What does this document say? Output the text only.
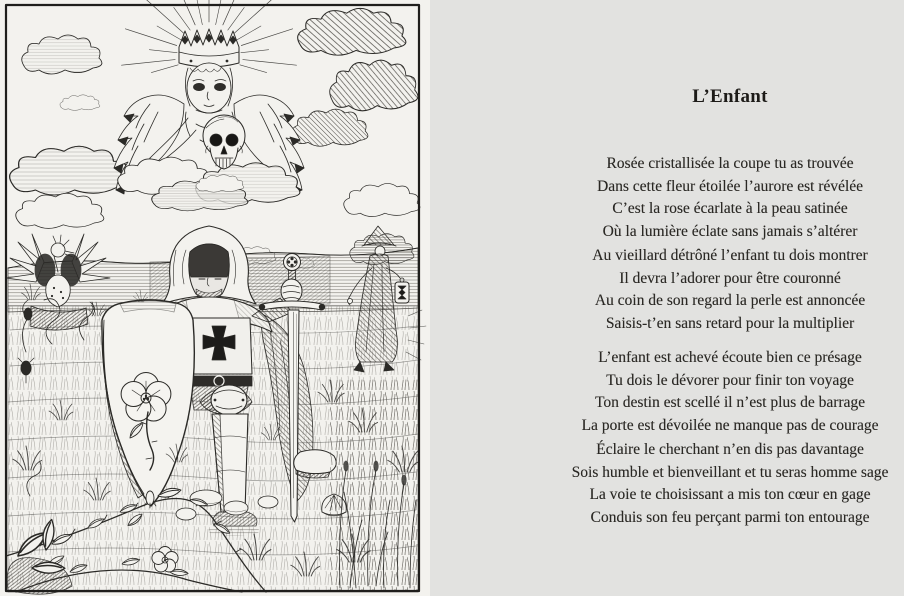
L’Enfant
Rosée cristallisée la coupe tu as trouvée
Dans cette fleur étoilée l’aurore est révélée
C’est la rose écarlate à la peau satinée
Où la lumière éclate sans jamais s’altérer
Au vieillard détrôné l’enfant tu dois montrer
Il devra l’adorer pour être couronné
Au coin de son regard la perle est annoncée
Saisis-t’en sans retard pour la multiplier
L’enfant est achevé écoute bien ce présage
Tu dois le dévorer pour finir ton voyage
Ton destin est scellé il n’est plus de barrage
La porte est dévoilée ne manque pas de courage
Éclaire le cherchant n’en dis pas davantage
Sois humble et bienveillant et tu seras homme sage
La voie te choisissant a mis ton cœur en gage
Conduis son feu perçant parmi ton entourage
